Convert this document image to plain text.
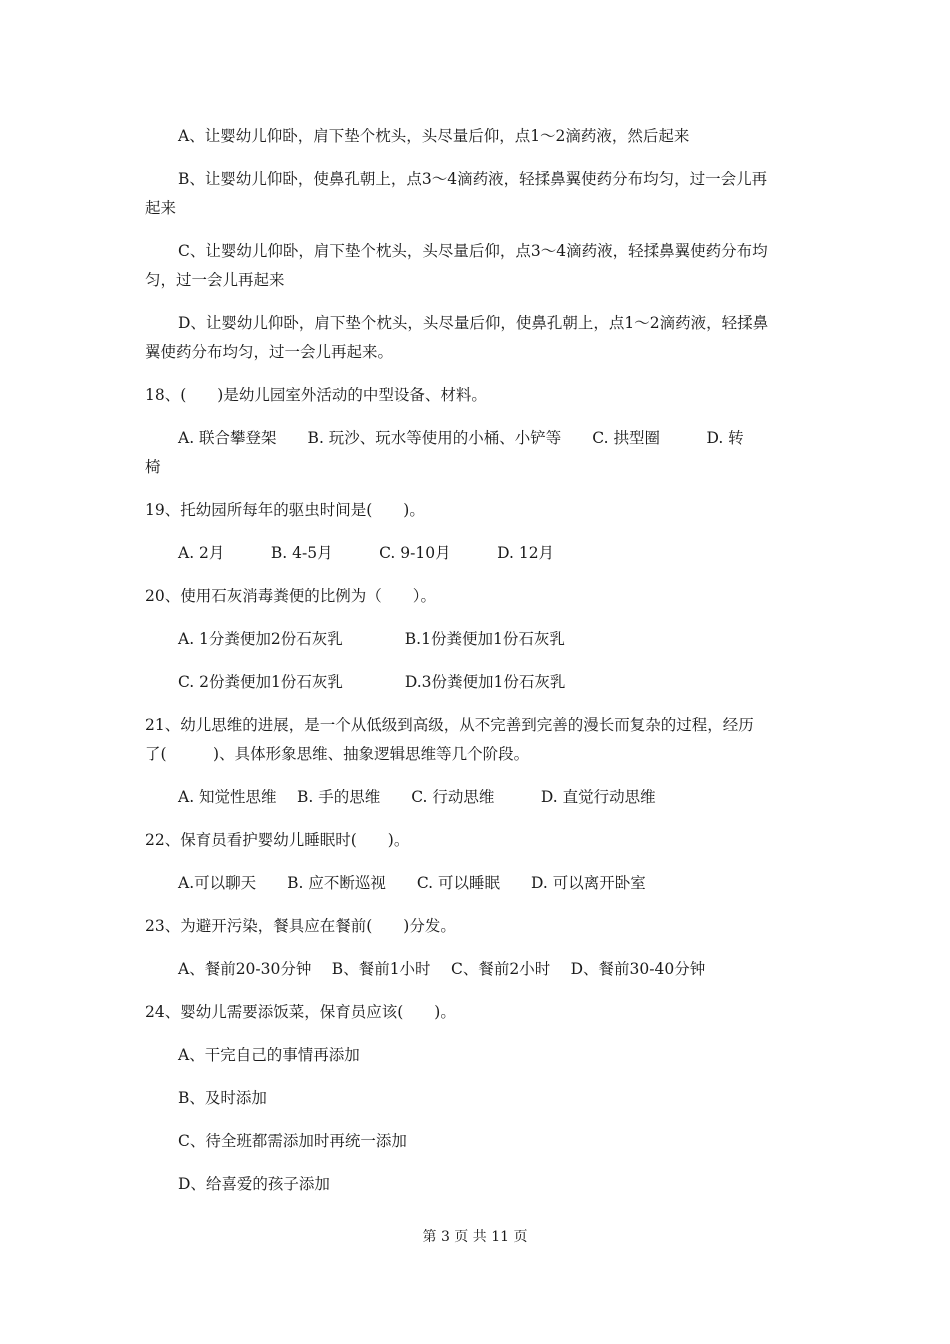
A、让婴幼儿仰卧，肩下垫个枕头，头尽量后仰，点1～2滴药液，然后起来

B、让婴幼儿仰卧，使鼻孔朝上，点3～4滴药液，轻揉鼻翼使药分布均匀，过一会儿再

起来

C、让婴幼儿仰卧，肩下垫个枕头，头尽量后仰，点3～4滴药液，轻揉鼻翼使药分布均

匀，过一会儿再起来

D、让婴幼儿仰卧，肩下垫个枕头，头尽量后仰，使鼻孔朝上，点1～2滴药液，轻揉鼻

翼使药分布均匀，过一会儿再起来。

18、(　　)是幼儿园室外活动的中型设备、材料。

A. 联合攀登架　　B. 玩沙、玩水等使用的小桶、小铲等　　C. 拱型圈　　　D. 转

椅

19、托幼园所每年的驱虫时间是(　　)。

A. 2月　　　B. 4-5月　　　C. 9-10月　　　D. 12月

20、使用石灰消毒粪便的比例为（　　）。

A. 1分粪便加2份石灰乳　　　　B.1份粪便加1份石灰乳

C. 2份粪便加1份石灰乳　　　　D.3份粪便加1份石灰乳

21、幼儿思维的进展，是一个从低级到高级，从不完善到完善的漫长而复杂的过程，经历

了(　　　)、具体形象思维、抽象逻辑思维等几个阶段。

A. 知觉性思维　 B. 手的思维　　C. 行动思维　　　D. 直觉行动思维

22、保育员看护婴幼儿睡眠时(　　)。

A.可以聊天　　B. 应不断巡视　　C. 可以睡眠　　D. 可以离开卧室

23、为避开污染，餐具应在餐前(　　)分发。

A、餐前20-30分钟　 B、餐前1小时　 C、餐前2小时　 D、餐前30-40分钟

24、婴幼儿需要添饭菜，保育员应该(　　)。

A、干完自己的事情再添加

B、及时添加

C、待全班都需添加时再统一添加

D、给喜爱的孩子添加

第 3 页 共 11 页
